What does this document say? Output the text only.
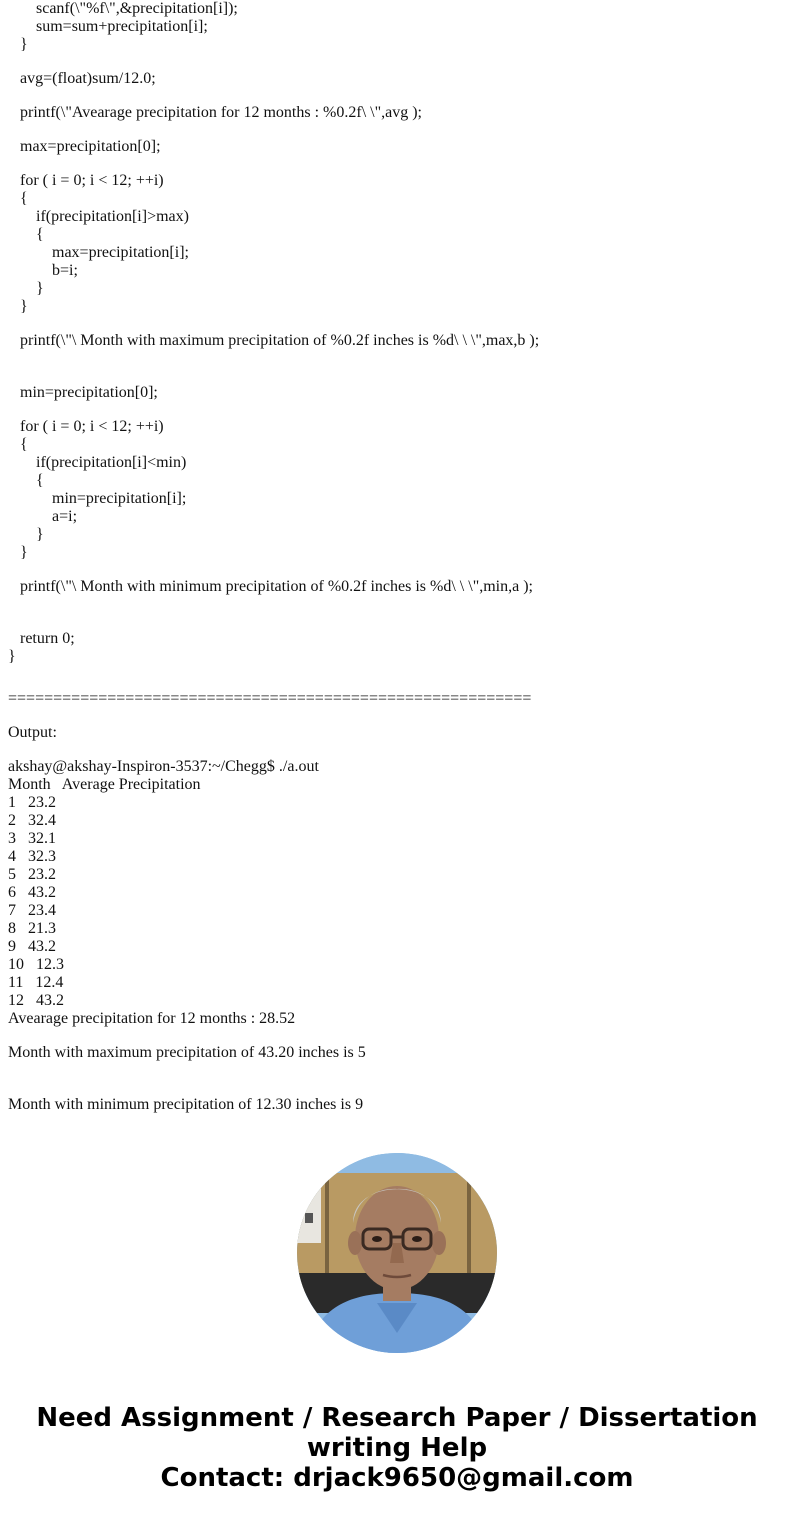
scanf(\"%f\",&precipitation[i]);
sum=sum+precipitation[i];
}
avg=(float)sum/12.0;
printf(\"Avearage precipitation for 12 months : %0.2f\ \",avg );
max=precipitation[0];
for ( i = 0; i < 12; ++i)
{
if(precipitation[i]>max)
{
max=precipitation[i];
b=i;
}
}
printf(\"\ Month with maximum precipitation of %0.2f inches is %d\ \ \",max,b );
min=precipitation[0];
for ( i = 0; i < 12; ++i)
{
if(precipitation[i]<min)
{
min=precipitation[i];
a=i;
}
}
printf(\"\ Month with minimum precipitation of %0.2f inches is %d\ \ \",min,a );
return 0;
}
==========================================================
Output:
akshay@akshay-Inspiron-3537:~/Chegg$ ./a.out
Month   Average Precipitation
1 23.2
2 32.4
3 32.1
4 32.3
5 23.2
6 43.2
7 23.4
8 21.3
9 43.2
10 12.3
11 12.4
12 43.2
Avearage precipitation for 12 months : 28.52
Month with maximum precipitation of 43.20 inches is 5
Month with minimum precipitation of 12.30 inches is 9
Need Assignment / Research Paper / Dissertation
writing Help
Contact: drjack9650@gmail.com
